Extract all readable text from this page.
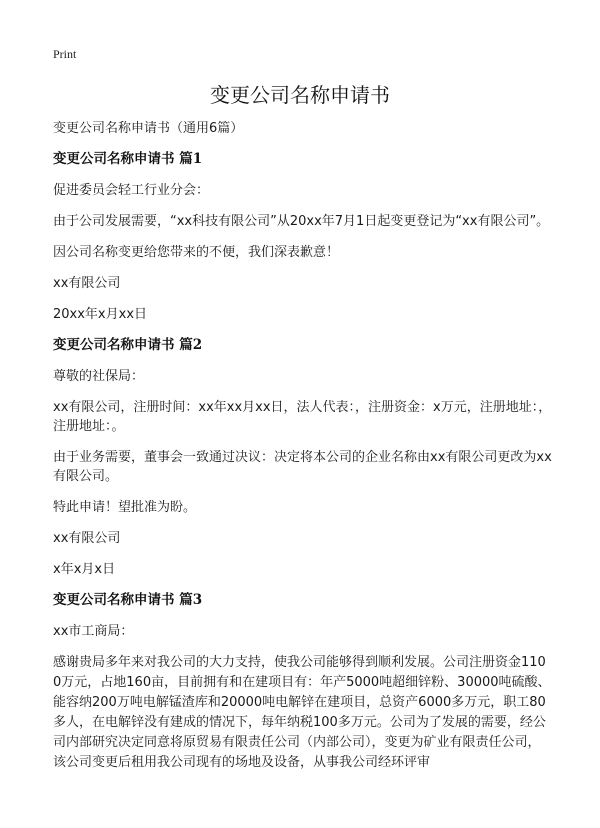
Print
变更公司名称申请书

变更公司名称申请书（通用6篇）

变更公司名称申请书 篇1

促进委员会轻工行业分会：

由于公司发展需要，“xx科技有限公司”从20xx年7月1日起变更登记为“xx有限公司”。

因公司名称变更给您带来的不便，我们深表歉意！

xx有限公司

20xx年x月xx日

变更公司名称申请书 篇2

尊敬的社保局：

xx有限公司，注册时间：xx年xx月xx日，法人代表：，注册资金：x万元，注册地址：，注册地址：。

由于业务需要，董事会一致通过决议：决定将本公司的企业名称由xx有限公司更改为xx有限公司。

特此申请！望批准为盼。

xx有限公司

x年x月x日

变更公司名称申请书 篇3

xx市工商局：

感谢贵局多年来对我公司的大力支持，使我公司能够得到顺利发展。公司注册资金1100万元，占地160亩，目前拥有和在建项目有：年产5000吨超细锌粉、30000吨硫酸、能容纳200万吨电解锰渣库和20000吨电解锌在建项目，总资产6000多万元，职工80多人，在电解锌没有建成的情况下，每年纳税100多万元。公司为了发展的需要，经公司内部研究决定同意将原贸易有限责任公司（内部公司），变更为矿业有限责任公司，该公司变更后租用我公司现有的场地及设备，从事我公司经环评审
